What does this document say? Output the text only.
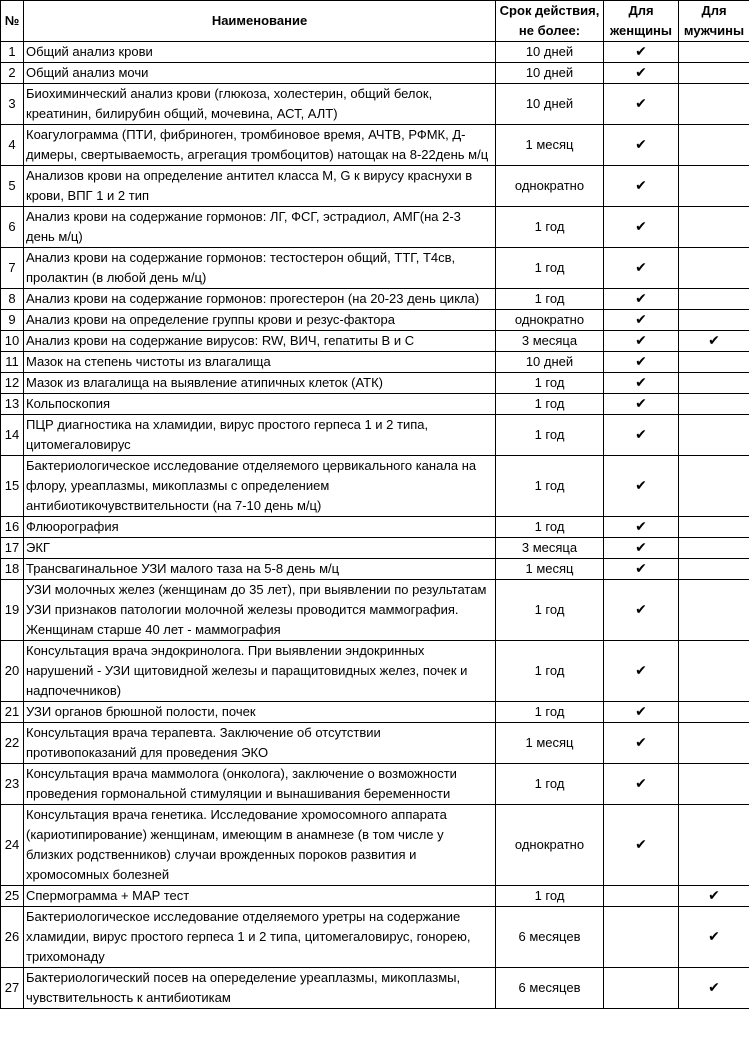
№	Наименование	Срок действия, не более:	Для женщины	Для мужчины
1	Общий анализ крови	10 дней	✔	
2	Общий анализ мочи	10 дней	✔	
3	Биохиминческий анализ крови (глюкоза, холестерин, общий белок, креатинин, билирубин общий, мочевина, АСТ, АЛТ)	10 дней	✔	
4	Коагулограмма (ПТИ, фибриноген, тромбиновое время, АЧТВ, РФМК, Д-димеры, свертываемость, агрегация тромбоцитов) натощак на 8-22день м/ц	1 месяц	✔	
5	Анализов крови на определение антител класса М, G к вирусу краснухи в крови, ВПГ 1 и 2 тип	однократно	✔	
6	Анализ крови на содержание гормонов: ЛГ, ФСГ, эстрадиол, АМГ(на 2-3 день м/ц)	1 год	✔	
7	Анализ крови на содержание гормонов: тестостерон общий, ТТГ, Т4св, пролактин (в любой день м/ц)	1 год	✔	
8	Анализ крови на содержание гормонов: прогестерон (на 20-23 день цикла)	1 год	✔	
9	Анализ крови на определение группы крови и резус-фактора	однократно	✔	
10	Анализ крови на содержание вирусов: RW, ВИЧ, гепатиты В и С	3 месяца	✔	✔
11	Мазок на степень чистоты из влагалища	10 дней	✔	
12	Мазок из влагалища на выявление атипичных клеток (АТК)	1 год	✔	
13	Кольпоскопия	1 год	✔	
14	ПЦР диагностика на хламидии, вирус простого герпеса 1 и 2 типа, цитомегаловирус	1 год	✔	
15	Бактериологическое исследование отделяемого цервикального канала на флору, уреаплазмы, микоплазмы с определением антибиотикочувствительности (на 7-10 день м/ц)	1 год	✔	
16	Флюорография	1 год	✔	
17	ЭКГ	3 месяца	✔	
18	Трансвагинальное УЗИ малого таза на 5-8 день м/ц	1 месяц	✔	
19	УЗИ молочных желез (женщинам до 35 лет), при выявлении по результатам УЗИ признаков патологии молочной железы проводится маммография. Женщинам старше 40 лет - маммография	1 год	✔	
20	Консультация врача эндокринолога. При выявлении эндокринных нарушений - УЗИ щитовидной железы и паращитовидных желез, почек и надпочечников)	1 год	✔	
21	УЗИ органов брюшной полости, почек	1 год	✔	
22	Консультация врача терапевта. Заключение об отсутствии противопоказаний для проведения ЭКО	1 месяц	✔	
23	Консультация врача маммолога (онколога), заключение о возможности проведения гормональной стимуляции и вынашивания беременности	1 год	✔	
24	Консультация врача генетика. Исследование хромосомного аппарата (кариотипирование) женщинам, имеющим в анамнезе (в том числе у близких родственников) случаи врожденных пороков развития и хромосомных болезней	однократно	✔	
25	Спермограмма + MAP тест	1 год		✔
26	Бактериологическое исследование отделяемого уретры на содержание хламидии, вирус простого герпеса 1 и 2 типа, цитомегаловирус, гонорею, трихомонаду	6 месяцев		✔
27	Бактериологический посев на опеределение уреаплазмы, микоплазмы, чувствительность к антибиотикам	6 месяцев		✔
